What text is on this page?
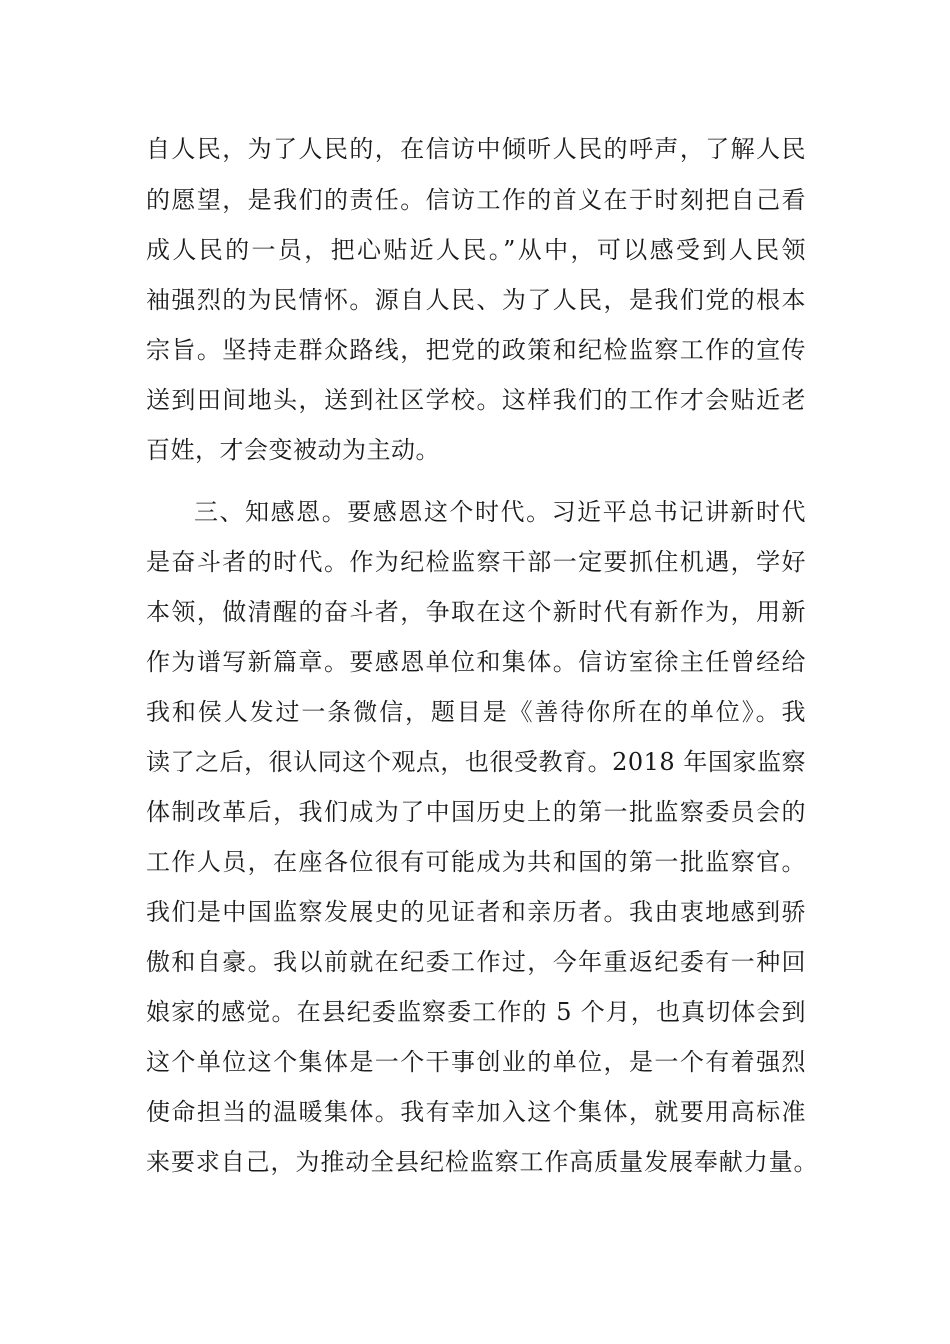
自人民，为了人民的，在信访中倾听人民的呼声，了解人民
的愿望，是我们的责任。信访工作的首义在于时刻把自己看
成人民的一员，把心贴近人民。”从中，可以感受到人民领
袖强烈的为民情怀。源自人民、为了人民，是我们党的根本
宗旨。坚持走群众路线，把党的政策和纪检监察工作的宣传
送到田间地头，送到社区学校。这样我们的工作才会贴近老
百姓，才会变被动为主动。
三、知感恩。要感恩这个时代。习近平总书记讲新时代
是奋斗者的时代。作为纪检监察干部一定要抓住机遇，学好
本领，做清醒的奋斗者，争取在这个新时代有新作为，用新
作为谱写新篇章。要感恩单位和集体。信访室徐主任曾经给
我和侯人发过一条微信，题目是《善待你所在的单位》。我
读了之后，很认同这个观点，也很受教育。2018 年国家监察
体制改革后，我们成为了中国历史上的第一批监察委员会的
工作人员，在座各位很有可能成为共和国的第一批监察官。
我们是中国监察发展史的见证者和亲历者。我由衷地感到骄
傲和自豪。我以前就在纪委工作过，今年重返纪委有一种回
娘家的感觉。在县纪委监察委工作的 5 个月，也真切体会到
这个单位这个集体是一个干事创业的单位，是一个有着强烈
使命担当的温暖集体。我有幸加入这个集体，就要用高标准
来要求自己，为推动全县纪检监察工作高质量发展奉献力量。
